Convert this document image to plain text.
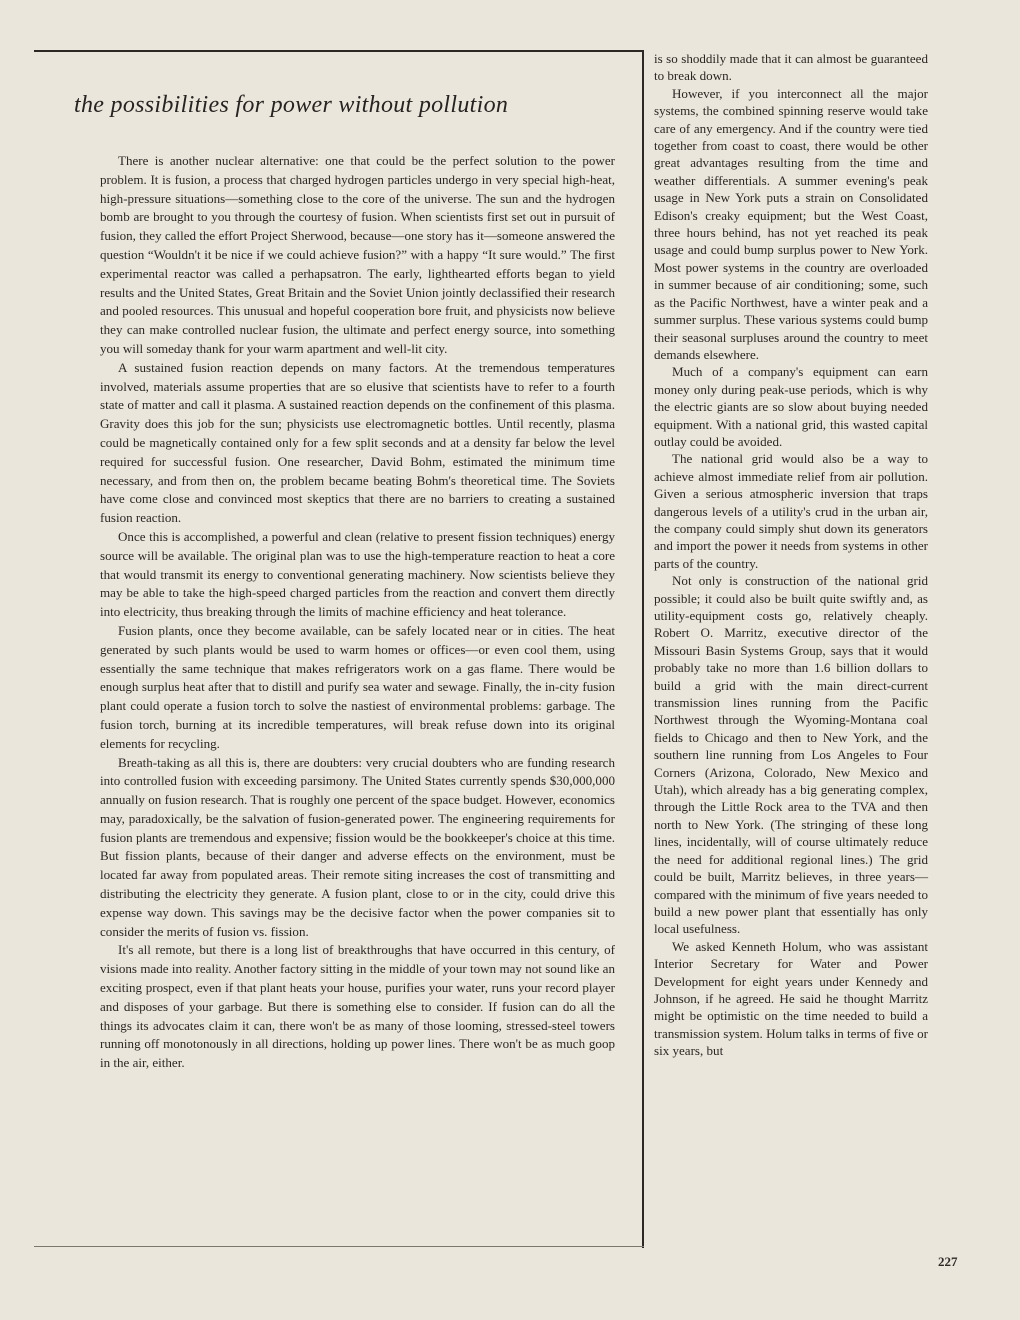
the possibilities for power without pollution

There is another nuclear alternative: one that could be the perfect solution to the power problem. It is fusion, a process that charged hydrogen particles undergo in very special high-heat, high-pressure situations—something close to the core of the universe. The sun and the hydrogen bomb are brought to you through the courtesy of fusion. When scientists first set out in pursuit of fusion, they called the effort Project Sherwood, because—one story has it—someone answered the question “Wouldn't it be nice if we could achieve fusion?” with a happy “It sure would.” The first experimental reactor was called a perhapsatron. The early, lighthearted efforts began to yield results and the United States, Great Britain and the Soviet Union jointly declassified their research and pooled resources. This unusual and hopeful cooperation bore fruit, and physicists now believe they can make controlled nuclear fusion, the ultimate and perfect energy source, into something you will someday thank for your warm apartment and well-lit city.

A sustained fusion reaction depends on many factors. At the tremendous temperatures involved, materials assume properties that are so elusive that scientists have to refer to a fourth state of matter and call it plasma. A sustained reaction depends on the confinement of this plasma. Gravity does this job for the sun; physicists use electromagnetic bottles. Until recently, plasma could be magnetically contained only for a few split seconds and at a density far below the level required for successful fusion. One researcher, David Bohm, estimated the minimum time necessary, and from then on, the problem became beating Bohm's theoretical time. The Soviets have come close and convinced most skeptics that there are no barriers to creating a sustained fusion reaction.

Once this is accomplished, a powerful and clean (relative to present fission techniques) energy source will be available. The original plan was to use the high-temperature reaction to heat a core that would transmit its energy to conventional generating machinery. Now scientists believe they may be able to take the high-speed charged particles from the reaction and convert them directly into electricity, thus breaking through the limits of machine efficiency and heat tolerance.

Fusion plants, once they become available, can be safely located near or in cities. The heat generated by such plants would be used to warm homes or offices—or even cool them, using essentially the same technique that makes refrigerators work on a gas flame. There would be enough surplus heat after that to distill and purify sea water and sewage. Finally, the in-city fusion plant could operate a fusion torch to solve the nastiest of environmental problems: garbage. The fusion torch, burning at its incredible temperatures, will break refuse down into its original elements for recycling.

Breath-taking as all this is, there are doubters: very crucial doubters who are funding research into controlled fusion with exceeding parsimony. The United States currently spends $30,000,000 annually on fusion research. That is roughly one percent of the space budget. However, economics may, paradoxically, be the salvation of fusion-generated power. The engineering requirements for fusion plants are tremendous and expensive; fission would be the bookkeeper's choice at this time. But fission plants, because of their danger and adverse effects on the environment, must be located far away from populated areas. Their remote siting increases the cost of transmitting and distributing the electricity they generate. A fusion plant, close to or in the city, could drive this expense way down. This savings may be the decisive factor when the power companies sit to consider the merits of fusion vs. fission.

It's all remote, but there is a long list of breakthroughs that have occurred in this century, of visions made into reality. Another factory sitting in the middle of your town may not sound like an exciting prospect, even if that plant heats your house, purifies your water, runs your record player and disposes of your garbage. But there is something else to consider. If fusion can do all the things its advocates claim it can, there won't be as many of those looming, stressed-steel towers running off monotonously in all directions, holding up power lines. There won't be as much goop in the air, either.

is so shoddily made that it can almost be guaranteed to break down.

However, if you interconnect all the major systems, the combined spinning reserve would take care of any emergency. And if the country were tied together from coast to coast, there would be other great advantages resulting from the time and weather differentials. A summer evening's peak usage in New York puts a strain on Consolidated Edison's creaky equipment; but the West Coast, three hours behind, has not yet reached its peak usage and could bump surplus power to New York. Most power systems in the country are overloaded in summer because of air conditioning; some, such as the Pacific Northwest, have a winter peak and a summer surplus. These various systems could bump their seasonal surpluses around the country to meet demands elsewhere.

Much of a company's equipment can earn money only during peak-use periods, which is why the electric giants are so slow about buying needed equipment. With a national grid, this wasted capital outlay could be avoided.

The national grid would also be a way to achieve almost immediate relief from air pollution. Given a serious atmospheric inversion that traps dangerous levels of a utility's crud in the urban air, the company could simply shut down its generators and import the power it needs from systems in other parts of the country.

Not only is construction of the national grid possible; it could also be built quite swiftly and, as utility-equipment costs go, relatively cheaply. Robert O. Marritz, executive director of the Missouri Basin Systems Group, says that it would probably take no more than 1.6 billion dollars to build a grid with the main direct-current transmission lines running from the Pacific Northwest through the Wyoming-Montana coal fields to Chicago and then to New York, and the southern line running from Los Angeles to Four Corners (Arizona, Colorado, New Mexico and Utah), which already has a big generating complex, through the Little Rock area to the TVA and then north to New York. (The stringing of these long lines, incidentally, will of course ultimately reduce the need for additional regional lines.) The grid could be built, Marritz believes, in three years—compared with the minimum of five years needed to build a new power plant that essentially has only local usefulness.

We asked Kenneth Holum, who was assistant Interior Secretary for Water and Power Development for eight years under Kennedy and Johnson, if he agreed. He said he thought Marritz might be optimistic on the time needed to build a transmission system. Holum talks in terms of five or six years, but

227
